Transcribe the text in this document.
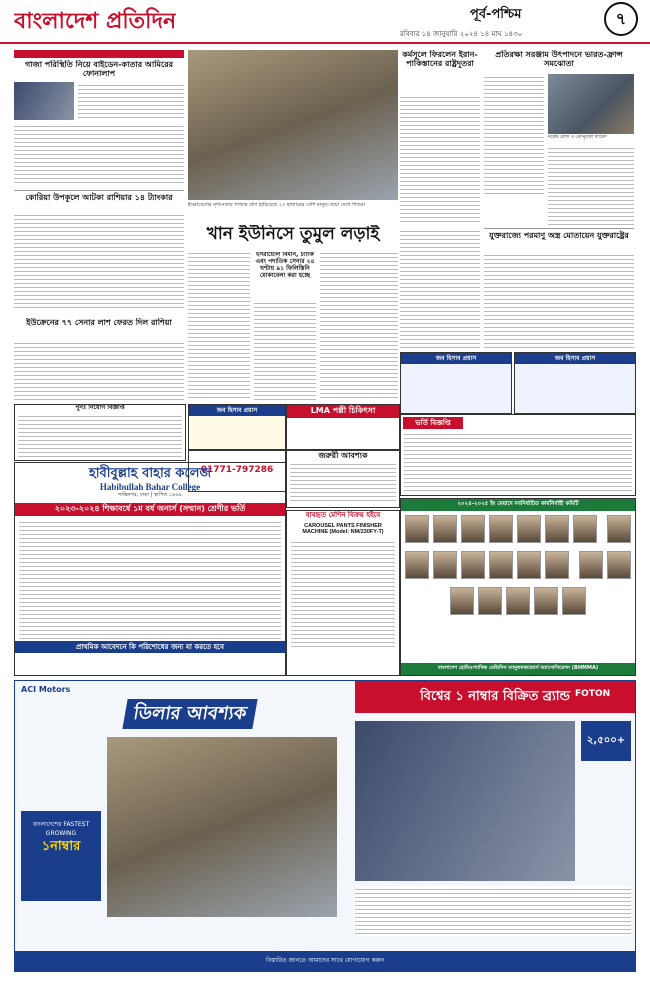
বাংলাদেশ প্রতিদিন	পূর্ব-পশ্চিম	৭
রবিবার ১৪ জানুয়ারি ২০২৪ ১৪ মাঘ ১৪৩০
গাজা পরিস্থিতি নিয়ে বাইডেন-কাতার আমিরের ফোনালাপ
কোরিয়া উপকূলে আটকা রাশিয়ার ১৪ ট্যাংকার
ইউক্রেনের ৭৭ সেনার লাশ ফেরত দিল রাশিয়া
ইসরায়েলের নৃশংসতায় গাজার প্রাণ হারিয়েছে ২৩ হাজারের বেশি মানুষ। ছায়া দেখে শিশুরা
খান ইউনিসে তুমুল লড়াই
ইসরায়েলি বিমান, ট্যাংক এবং পদাতিক সেনার ২৪ ঘণ্টায় ৯১ ফিলিস্তিনি মোকাবেলা করা হচ্ছে
কর্মসূলে ফিরলেন ইরান-পাকিস্তানের রাষ্ট্রদূতরা
প্রতিরক্ষা সরঞ্জাম উৎপাদনে ভারত-ফ্রান্স সমঝোতা
নরেন্দ্র মোদি ও এমানুয়েল ম্যাক্রোঁ
যুক্তরাজ্যে পরমাণু অস্ত্র মোতায়েন যুক্তরাষ্ট্রের
জব হিসাব প্রয়াস	LMA পল্লী চিকিৎসা
জব হিসাব প্রয়াস	জব হিসাব প্রয়াস
পুনঃ নিয়োগ বিজ্ঞপ্তি
01771-797286
জরুরী আবশ্যক
ভর্তি বিজ্ঞপ্তি
হাবীবুল্লাহ বাহার কলেজ
Habibullah Bahar College
শান্তিনগর, ঢাকা | স্থাপিত ১৯৬৯
২০২৩-২০২৪ শিক্ষাবর্ষে ১ম বর্ষ অনার্স (সম্মান) শ্রেণীর ভর্তি
প্রাথমিক আবেদনে কি পরিশোধের জন্য যা করতে হবে
বাবহৃত মেশিন বিক্রয় হইবে
CAROUSEL PANTS FINISHER MACHINE (Model: NM/230FY-T)
২০২৪-২০২৫ ইং মেয়াদে নবনির্বাচিত কার্যনির্বাহী কমিটি

বাংলাদেশ হোমিওপ্যাথিক মেডিসিন ম্যানুফ্যাকচারার্স অ্যাসোসিয়েশন (BHMMA)
ACI Motors
ডিলার আবশ্যক
বাংলাদেশের FASTEST GROWING
১নাম্বার
বিশ্বের ১ নাম্বার বিক্রিত ব্র্যান্ড FOTON
২,৫০০+
বিস্তারিত জানতে আমাদের সাথে যোগাযোগ করুন
